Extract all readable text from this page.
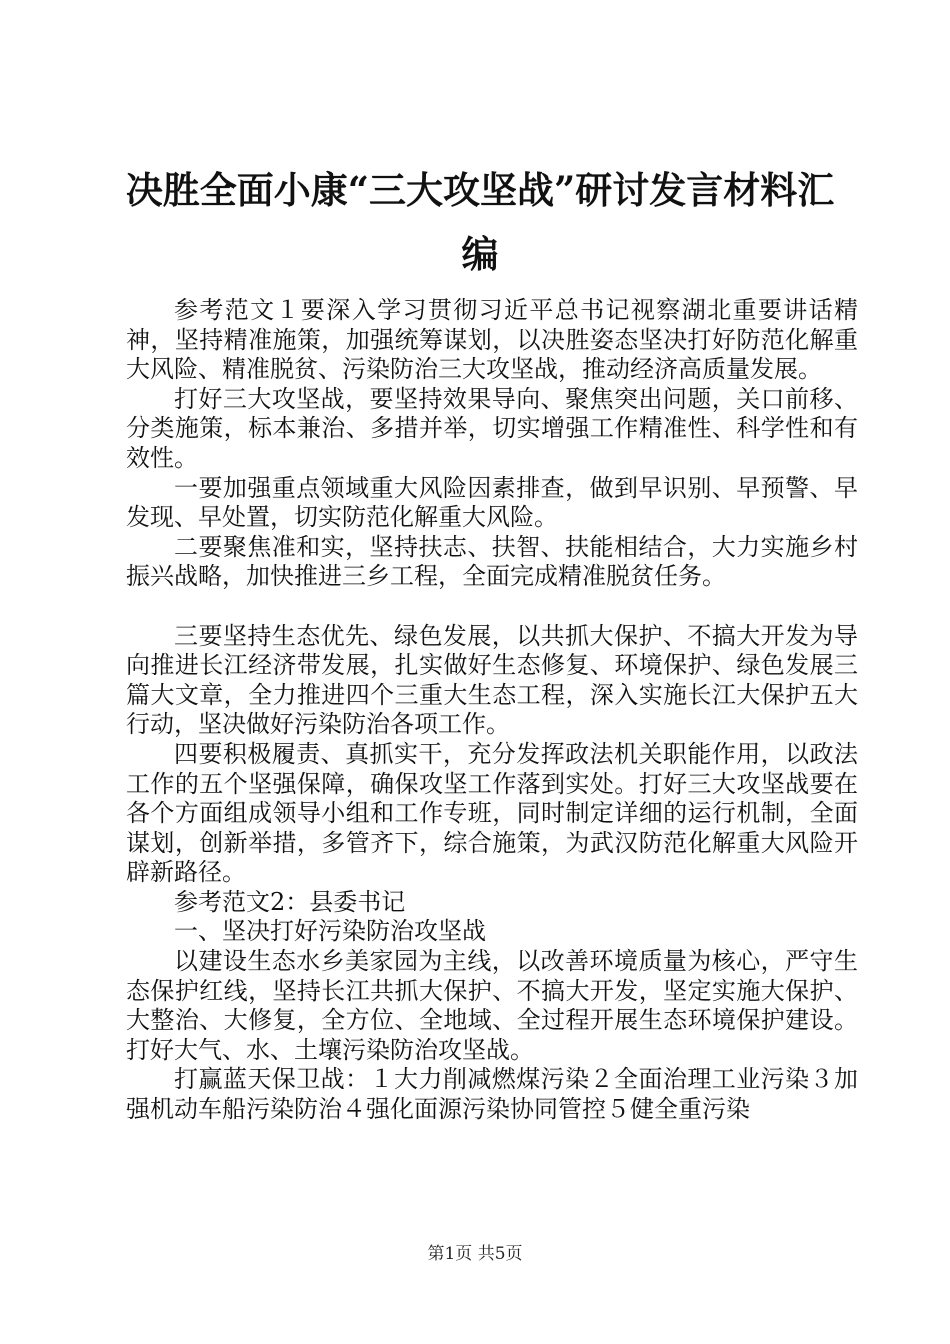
决胜全面小康“三大攻坚战”研讨发言材料汇编

参考范文１要深入学习贯彻习近平总书记视察湖北重要讲话精神，坚持精准施策，加强统筹谋划，以决胜姿态坚决打好防范化解重大风险、精准脱贫、污染防治三大攻坚战，推动经济高质量发展。

打好三大攻坚战，要坚持效果导向、聚焦突出问题，关口前移、分类施策，标本兼治、多措并举，切实增强工作精准性、科学性和有效性。

一要加强重点领域重大风险因素排查，做到早识别、早预警、早发现、早处置，切实防范化解重大风险。

二要聚焦准和实，坚持扶志、扶智、扶能相结合，大力实施乡村振兴战略，加快推进三乡工程，全面完成精准脱贫任务。

三要坚持生态优先、绿色发展，以共抓大保护、不搞大开发为导向推进长江经济带发展，扎实做好生态修复、环境保护、绿色发展三篇大文章，全力推进四个三重大生态工程，深入实施长江大保护五大行动，坚决做好污染防治各项工作。

四要积极履责、真抓实干，充分发挥政法机关职能作用，以政法工作的五个坚强保障，确保攻坚工作落到实处。打好三大攻坚战要在各个方面组成领导小组和工作专班，同时制定详细的运行机制，全面谋划，创新举措，多管齐下，综合施策，为武汉防范化解重大风险开辟新路径。

参考范文2：县委书记

一、坚决打好污染防治攻坚战

以建设生态水乡美家园为主线，以改善环境质量为核心，严守生态保护红线，坚持长江共抓大保护、不搞大开发，坚定实施大保护、大整治、大修复，全方位、全地域、全过程开展生态环境保护建设。打好大气、水、土壤污染防治攻坚战。

打赢蓝天保卫战：１大力削减燃煤污染２全面治理工业污染３加强机动车船污染防治４强化面源污染协同管控５健全重污染

第1页 共5页
